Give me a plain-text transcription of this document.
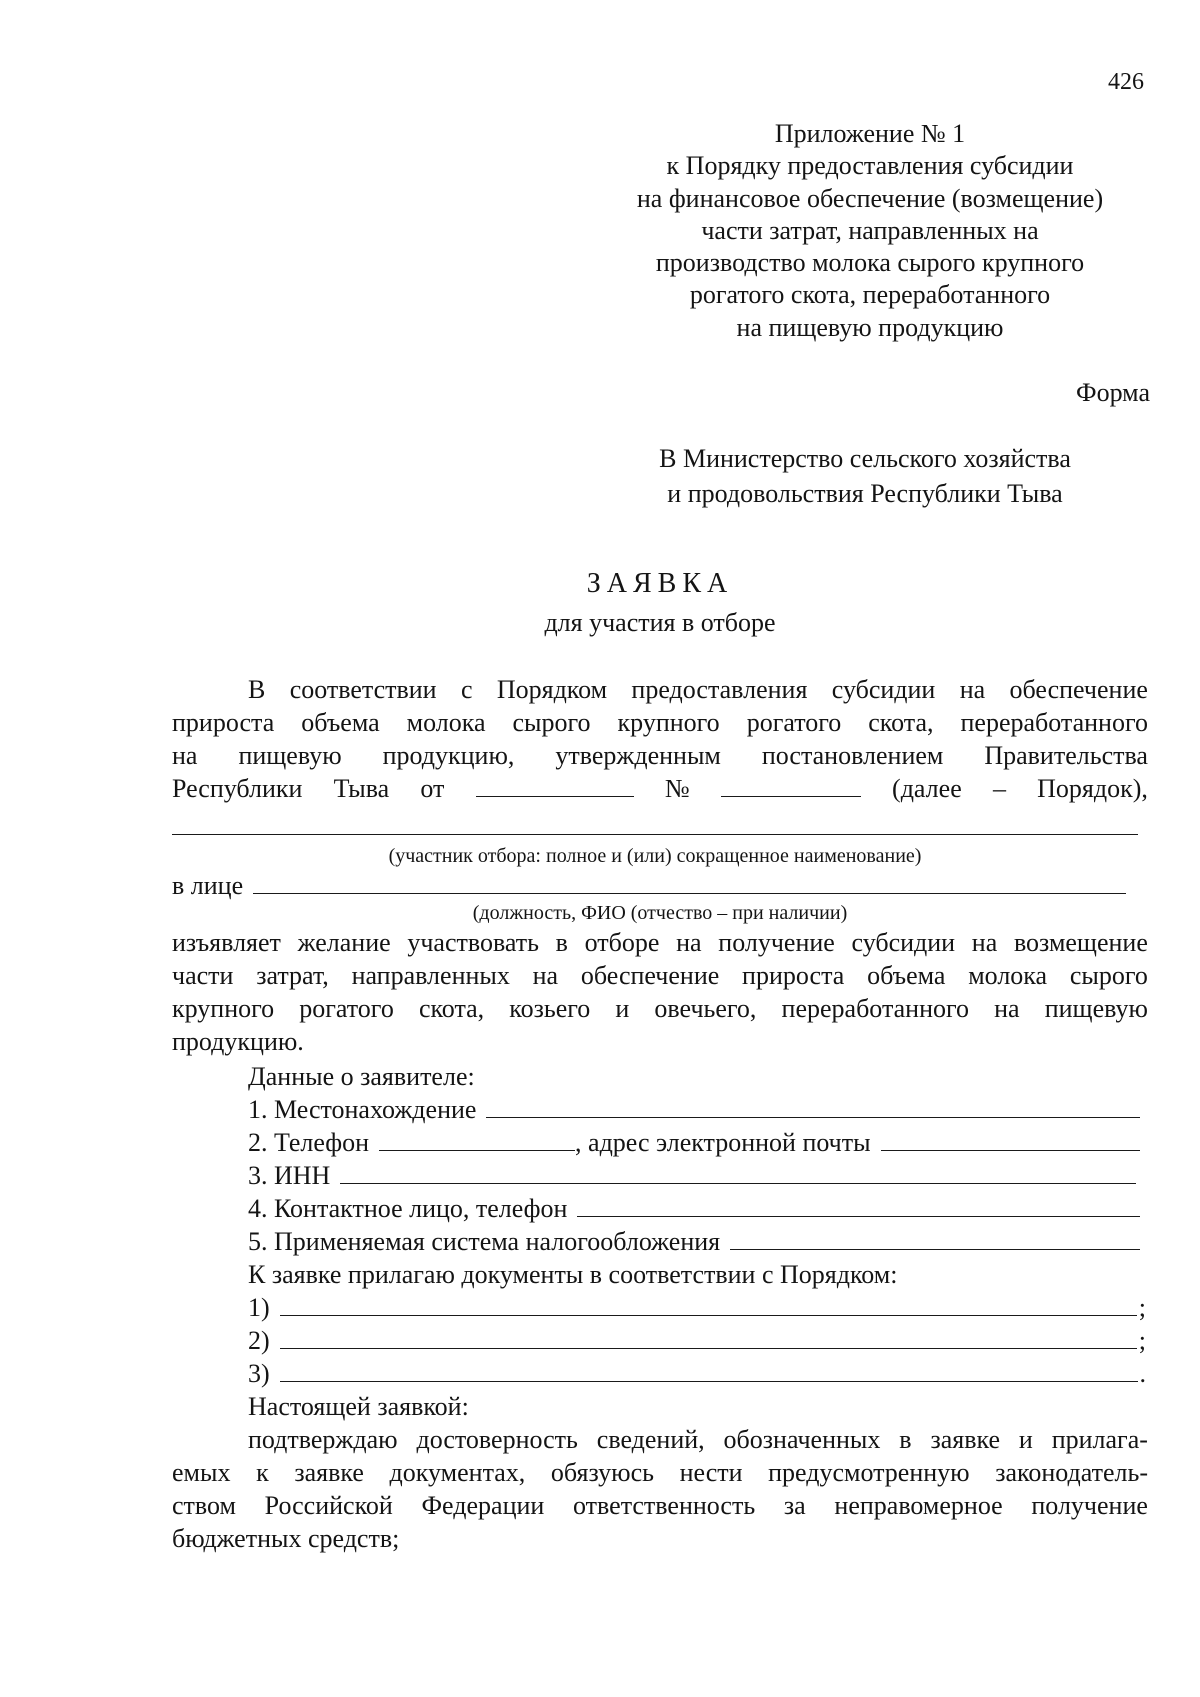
426
Приложение № 1
к Порядку предоставления субсидии
на финансовое обеспечение (возмещение)
части затрат, направленных на
производство молока сырого крупного
рогатого скота, переработанного
на пищевую продукцию
Форма
В Министерство сельского хозяйства
и продовольствия Республики Тыва
ЗАЯВКА
для участия в отборе
В соответствии с Порядком предоставления субсидии на обеспечение
прироста объема молока сырого крупного рогатого скота, переработанного
на пищевую продукцию, утвержденным постановлением Правительства
Республики Тыва от	№	(далее – Порядок),
(участник отбора: полное и (или) сокращенное наименование)
в лице
(должность, ФИО (отчество – при наличии)
изъявляет желание участвовать в отборе на получение субсидии на возмещение
части затрат, направленных на обеспечение прироста объема молока сырого
крупного рогатого скота, козьего и овечьего, переработанного на пищевую
продукцию.
Данные о заявителе:
1. Местонахождение
2. Телефон	, адрес электронной почты
3. ИНН
4. Контактное лицо, телефон
5. Применяемая система налогообложения
К заявке прилагаю документы в соответствии с Порядком:
1)	;
2)	;
3)	.
Настоящей заявкой:
подтверждаю достоверность сведений, обозначенных в заявке и прилага-
емых к заявке документах, обязуюсь нести предусмотренную законодатель-
ством Российской Федерации ответственность за неправомерное получение
бюджетных средств;
